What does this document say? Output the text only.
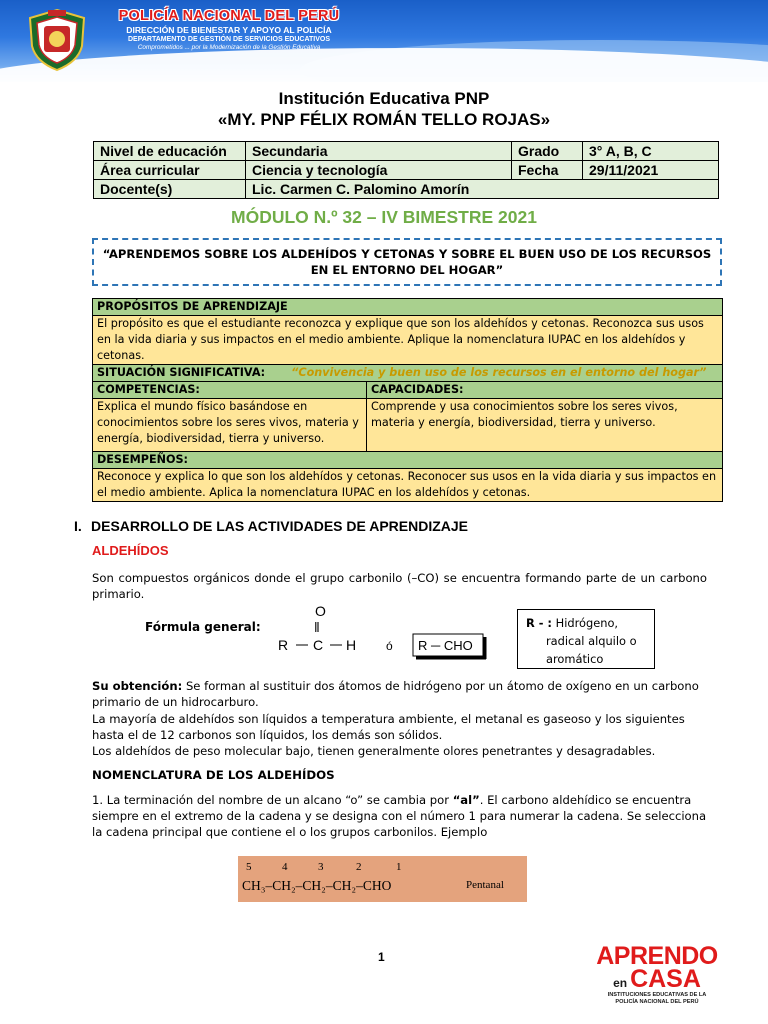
POLICÍA NACIONAL DEL PERÚ
DIRECCIÓN DE BIENESTAR Y APOYO AL POLICÍA
DEPARTAMENTO DE GESTIÓN DE SERVICIOS EDUCATIVOS
Comprometidos ... por la Modernización de la Gestión Educativa
Institución Educativa PNP
«MY. PNP FÉLIX ROMÁN TELLO ROJAS»
Nivel de educación	Secundaria	Grado	3° A, B, C
Área curricular	Ciencia y tecnología	Fecha	29/11/2021
Docente(s)	Lic. Carmen C. Palomino Amorín		
MÓDULO N.º 32 – IV BIMESTRE 2021
“APRENDEMOS SOBRE LOS ALDEHÍDOS Y CETONAS Y SOBRE EL BUEN USO DE LOS RECURSOS EN EL ENTORNO DEL HOGAR”
PROPÓSITOS DE APRENDIZAJE	
El propósito es que el estudiante reconozca y explique que son los aldehídos y cetonas. Reconozca sus usos en la vida diaria y sus impactos en el medio ambiente. Aplique la nomenclatura IUPAC en los aldehídos y cetonas.	
SITUACIÓN SIGNIFICATIVA: “Convivencia y buen uso de los recursos en el entorno del hogar”	
COMPETENCIAS:	CAPACIDADES:
Explica el mundo físico basándose en conocimientos sobre los seres vivos, materia y energía, biodiversidad, tierra y universo.	Comprende y usa conocimientos sobre los seres vivos, materia y energía, biodiversidad, tierra y universo.
DESEMPEÑOS:	
Reconoce y explica lo que son los aldehídos y cetonas. Reconocer sus usos en la vida diaria y sus impactos en el medio ambiente. Aplica la nomenclatura IUPAC en los aldehídos y cetonas.	
I. DESARROLLO DE LAS ACTIVIDADES DE APRENDIZAJE
ALDEHÍDOS
Son compuestos orgánicos donde el grupo carbonilo (–CO) se encuentra formando parte de un carbono primario.
Fórmula general:
O
‖
R C H ó R ─ CHO
R - : Hidrógeno,
radical alquilo o
aromático
Su obtención: Se forman al sustituir dos átomos de hidrógeno por un átomo de oxígeno en un carbono primario de un hidrocarburo.
La mayoría de aldehídos son líquidos a temperatura ambiente, el metanal es gaseoso y los siguientes hasta el de 12 carbonos son líquidos, los demás son sólidos.
Los aldehídos de peso molecular bajo, tienen generalmente olores penetrantes y desagradables.
NOMENCLATURA DE LOS ALDEHÍDOS
1. La terminación del nombre de un alcano “o” se cambia por “al”. El carbono aldehídico se encuentra siempre en el extremo de la cadena y se designa con el número 1 para numerar la cadena. Se selecciona la cadena principal que contiene el o los grupos carbonilos. Ejemplo
5	4	3	2	1
CH₃–CH₂–CH₂–CH₂–CHO	Pentanal
1	APRENDO
en CASA
INSTITUCIONES EDUCATIVAS DE LA
POLICÍA NACIONAL DEL PERÚ
